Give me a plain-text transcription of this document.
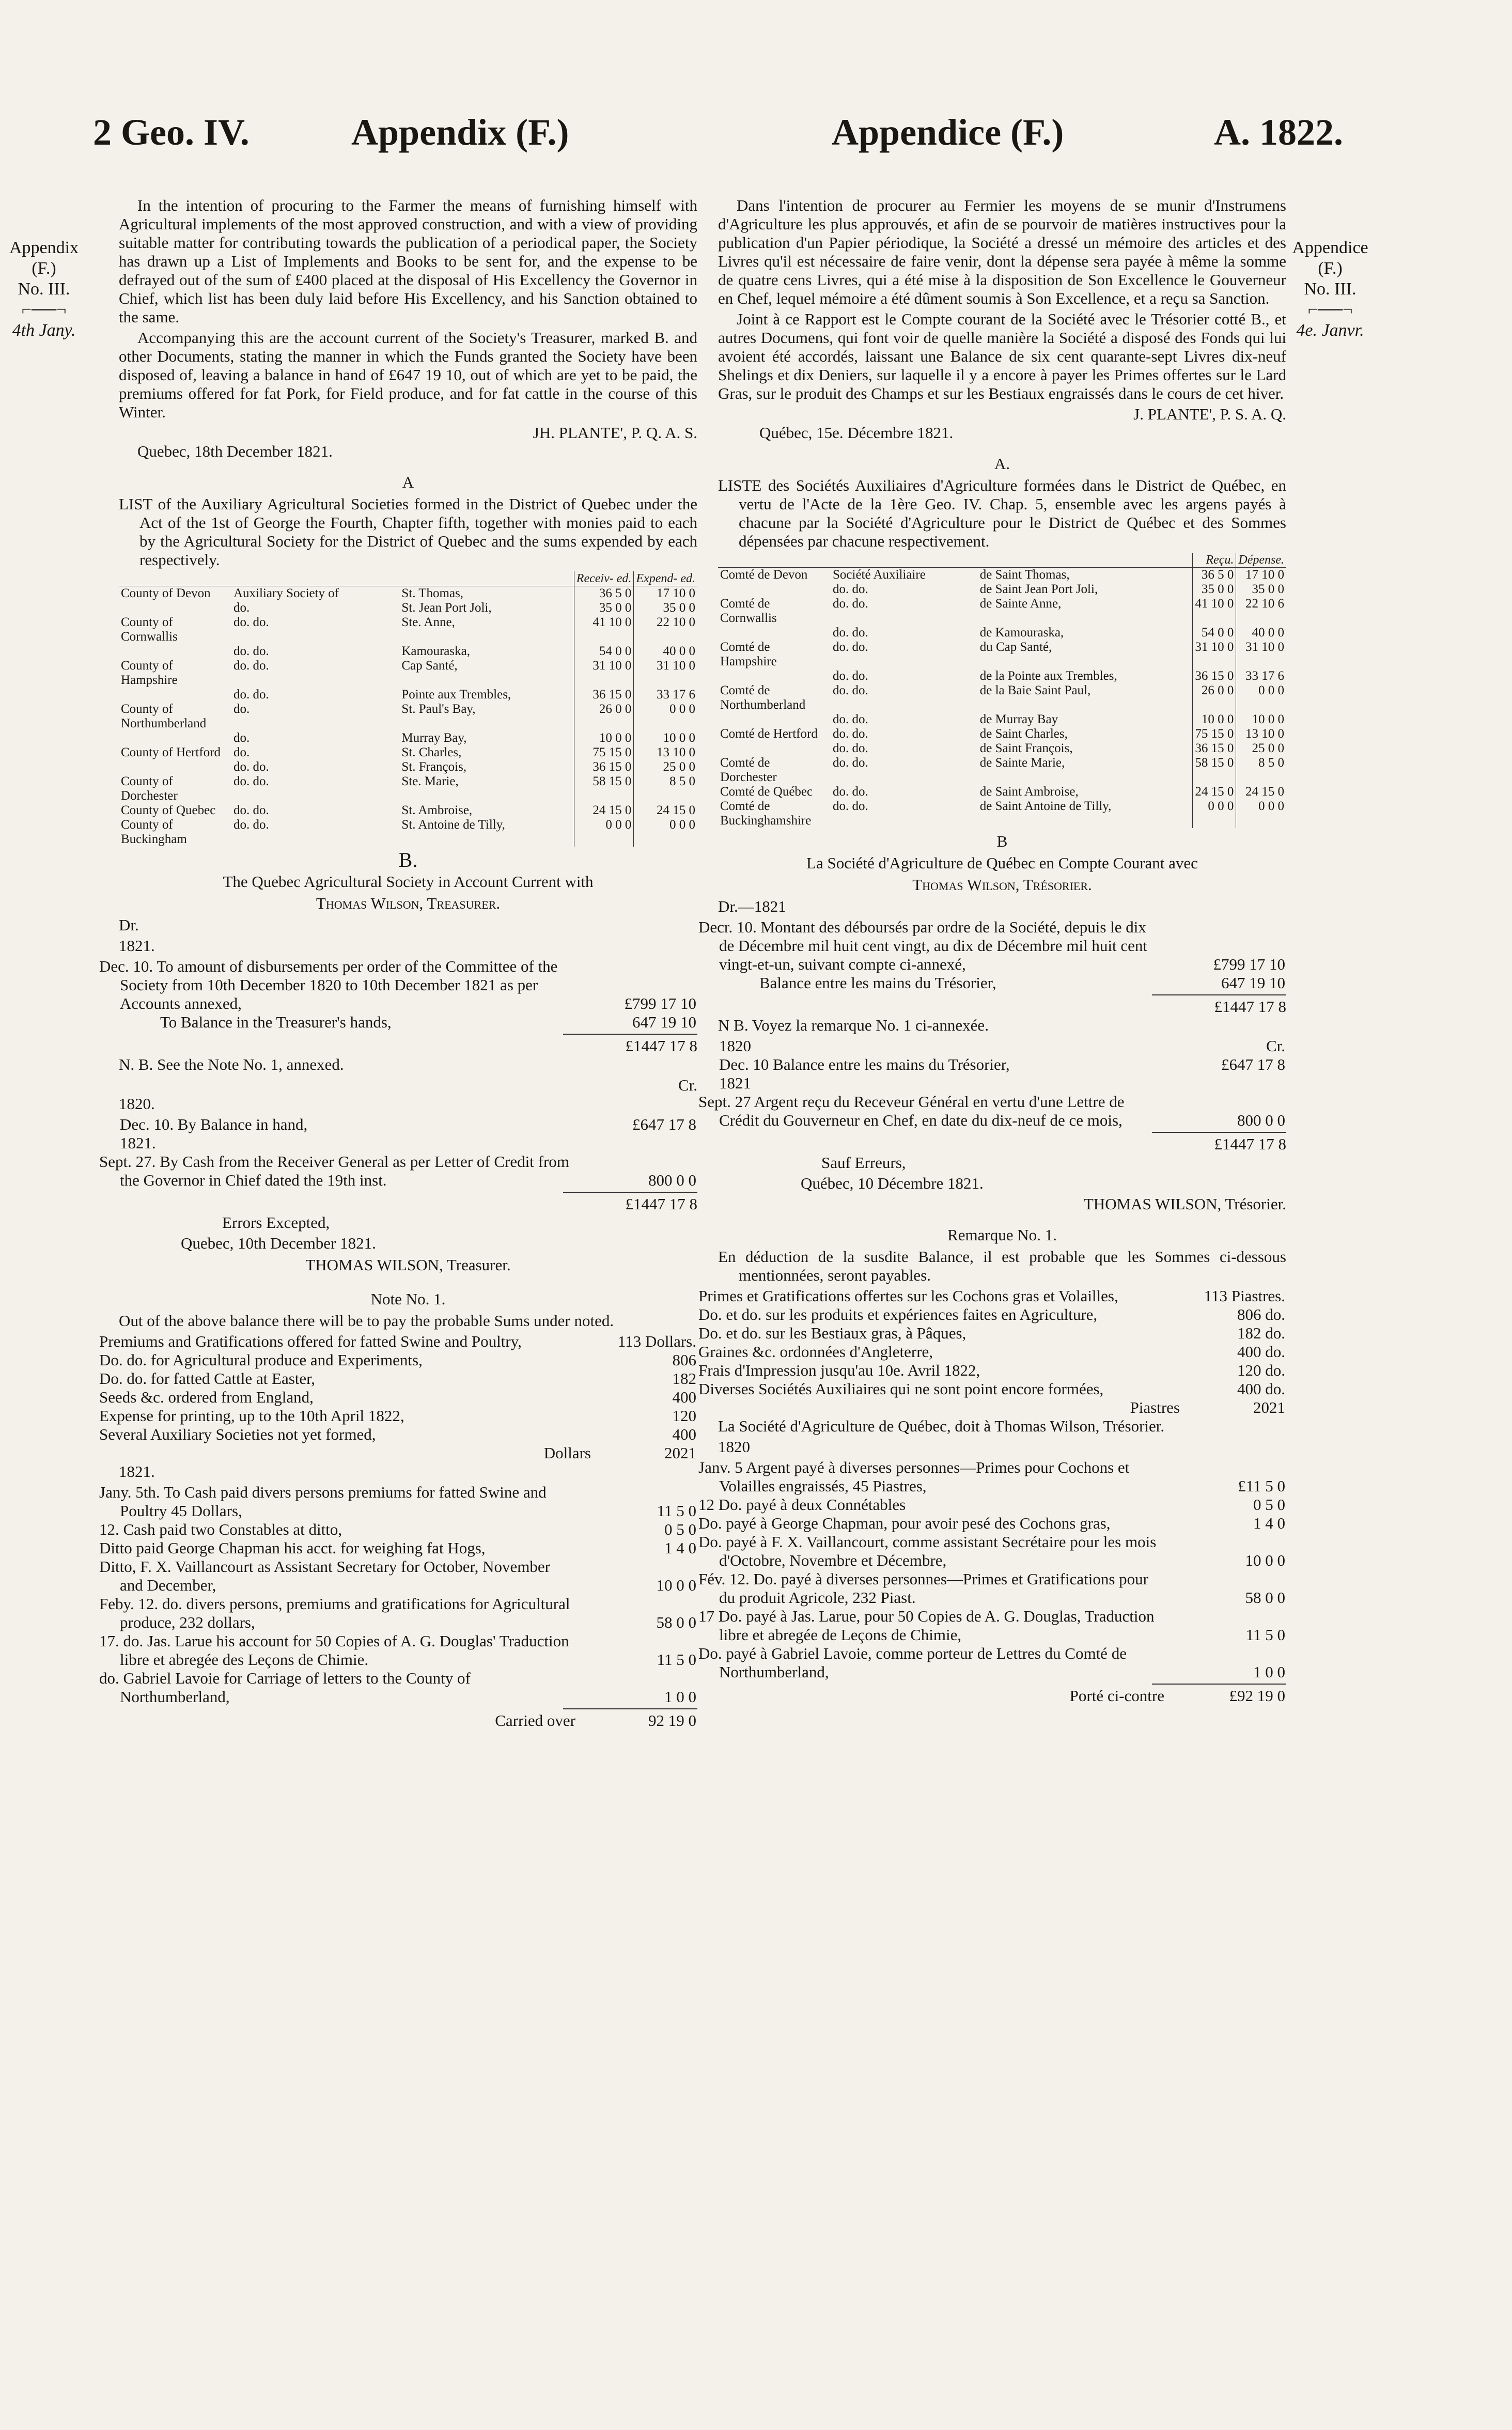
2 Geo. IV.	Appendix (F.)	Appendice (F.)	A. 1822.
Appendix
(F.)
No. III.
⌐──¬
4th Jany.
Appendice
(F.)
No. III.
⌐──¬
4e. Janvr.

In the intention of procuring to the Farmer the means of furnishing himself with Agricultural implements of the most approved construction, and with a view of providing suitable matter for contributing towards the publication of a periodical paper, the Society has drawn up a List of Implements and Books to be sent for, and the expense to be defrayed out of the sum of £400 placed at the disposal of His Excellency the Governor in Chief, which list has been duly laid before His Excellency, and his Sanction obtained to the same.

Accompanying this are the account current of the Society's Treasurer, marked B. and other Documents, stating the manner in which the Funds granted the Society have been disposed of, leaving a balance in hand of £647 19 10, out of which are yet to be paid, the premiums offered for fat Pork, for Field produce, and for fat cattle in the course of this Winter.

JH. PLANTE', P. Q. A. S.

Quebec, 18th December 1821.

A

LIST of the Auxiliary Agricultural Societies formed in the District of Quebec under the Act of the 1st of George the Fourth, Chapter fifth, together with monies paid to each by the Agricultural Society for the District of Quebec and the sums expended by each respectively.

			Receiv- ed.	Expend- ed.
County of Devon	Auxiliary Society of	St. Thomas,	36 5 0	17 10 0
	do.	St. Jean Port Joli,	35 0 0	35 0 0
County of Cornwallis	do. do.	Ste. Anne,	41 10 0	22 10 0
	do. do.	Kamouraska,	54 0 0	40 0 0
County of Hampshire	do. do.	Cap Santé,	31 10 0	31 10 0
	do. do.	Pointe aux Trembles,	36 15 0	33 17 6
County of Northumberland	do.	St. Paul's Bay,	26 0 0	0 0 0
	do.	Murray Bay,	10 0 0	10 0 0
County of Hertford	do.	St. Charles,	75 15 0	13 10 0
	do. do.	St. François,	36 15 0	25 0 0
County of Dorchester	do. do.	Ste. Marie,	58 15 0	8 5 0
County of Quebec	do. do.	St. Ambroise,	24 15 0	24 15 0
County of Buckingham	do. do.	St. Antoine de Tilly,	0 0 0	0 0 0

B.

The Quebec Agricultural Society in Account Current with

Thomas Wilson, Treasurer.

Dr.

1821.

Dec. 10. To amount of disbursements per order of the Committee of the Society from 10th December 1820 to 10th December 1821 as per Accounts annexed,	£799 17 10
To Balance in the Treasurer's hands,	647 19 10

£1447 17 8

N. B. See the Note No. 1, annexed.

Cr.

1820.

Dec. 10. By Balance in hand,	£647 17 8
1821.	
Sept. 27. By Cash from the Receiver General as per Letter of Credit from the Governor in Chief dated the 19th inst.	800 0 0

£1447 17 8

Errors Excepted,

Quebec, 10th December 1821.

THOMAS WILSON, Treasurer.

Note No. 1.

Out of the above balance there will be to pay the probable Sums under noted.

Premiums and Gratifications offered for fatted Swine and Poultry,	113 Dollars.
Do. do. for Agricultural produce and Experiments,	806
Do. do. for fatted Cattle at Easter,	182
Seeds &c. ordered from England,	400
Expense for printing, up to the 10th April 1822,	120
Several Auxiliary Societies not yet formed,	400
Dollars	2021

1821.

Jany. 5th. To Cash paid divers persons premiums for fatted Swine and Poultry 45 Dollars,	11 5 0
12. Cash paid two Constables at ditto,	0 5 0
Ditto paid George Chapman his acct. for weighing fat Hogs,	1 4 0
Ditto, F. X. Vaillancourt as Assistant Secretary for October, November and December,	10 0 0
Feby. 12. do. divers persons, premiums and gratifications for Agricultural produce, 232 dollars,	58 0 0
17. do. Jas. Larue his account for 50 Copies of A. G. Douglas' Traduction libre et abregée des Leçons de Chimie.	11 5 0
do. Gabriel Lavoie for Carriage of letters to the County of Northumberland,	1 0 0
Carried over	92 19 0

Dans l'intention de procurer au Fermier les moyens de se munir d'Instrumens d'Agriculture les plus approuvés, et afin de se pourvoir de matières instructives pour la publication d'un Papier périodique, la Société a dressé un mémoire des articles et des Livres qu'il est nécessaire de faire venir, dont la dépense sera payée à même la somme de quatre cens Livres, qui a été mise à la disposition de Son Excellence le Gouverneur en Chef, lequel mémoire a été dûment soumis à Son Excellence, et a reçu sa Sanction.

Joint à ce Rapport est le Compte courant de la Société avec le Trésorier cotté B., et autres Documens, qui font voir de quelle manière la Société a disposé des Fonds qui lui avoient été accordés, laissant une Balance de six cent quarante-sept Livres dix-neuf Shelings et dix Deniers, sur laquelle il y a encore à payer les Primes offertes sur le Lard Gras, sur le produit des Champs et sur les Bestiaux engraissés dans le cours de cet hiver.

J. PLANTE', P. S. A. Q.

Québec, 15e. Décembre 1821.

A.

LISTE des Sociétés Auxiliaires d'Agriculture formées dans le District de Québec, en vertu de l'Acte de la 1ère Geo. IV. Chap. 5, ensemble avec les argens payés à chacune par la Société d'Agriculture pour le District de Québec et des Sommes dépensées par chacune respectivement.

			Reçu.	Dépense.
Comté de Devon	Société Auxiliaire	de Saint Thomas,	36 5 0	17 10 0
	do. do.	de Saint Jean Port Joli,	35 0 0	35 0 0
Comté de Cornwallis	do. do.	de Sainte Anne,	41 10 0	22 10 6
	do. do.	de Kamouraska,	54 0 0	40 0 0
Comté de Hampshire	do. do.	du Cap Santé,	31 10 0	31 10 0
	do. do.	de la Pointe aux Trembles,	36 15 0	33 17 6
Comté de Northumberland	do. do.	de la Baie Saint Paul,	26 0 0	0 0 0
	do. do.	de Murray Bay	10 0 0	10 0 0
Comté de Hertford	do. do.	de Saint Charles,	75 15 0	13 10 0
	do. do.	de Saint François,	36 15 0	25 0 0
Comté de Dorchester	do. do.	de Sainte Marie,	58 15 0	8 5 0
Comté de Québec	do. do.	de Saint Ambroise,	24 15 0	24 15 0
Comté de Buckinghamshire	do. do.	de Saint Antoine de Tilly,	0 0 0	0 0 0

B

La Société d'Agriculture de Québec en Compte Courant avec

Thomas Wilson, Trésorier.

Dr.—1821

Decr. 10. Montant des déboursés par ordre de la Société, depuis le dix de Décembre mil huit cent vingt, au dix de Décembre mil huit cent vingt-et-un, suivant compte ci-annexé,	£799 17 10
Balance entre les mains du Trésorier,	647 19 10

£1447 17 8

N B. Voyez la remarque No. 1 ci-annexée.

1820	Cr.
Dec. 10 Balance entre les mains du Trésorier,	£647 17 8
1821	
Sept. 27 Argent reçu du Receveur Général en vertu d'une Lettre de Crédit du Gouverneur en Chef, en date du dix-neuf de ce mois,	800 0 0

£1447 17 8

Sauf Erreurs,

Québec, 10 Décembre 1821.

THOMAS WILSON, Trésorier.

Remarque No. 1.

En déduction de la susdite Balance, il est probable que les Sommes ci-dessous mentionnées, seront payables.

Primes et Gratifications offertes sur les Cochons gras et Volailles,	113 Piastres.
Do. et do. sur les produits et expériences faites en Agriculture,	806 do.
Do. et do. sur les Bestiaux gras, à Pâques,	182 do.
Graines &c. ordonnées d'Angleterre,	400 do.
Frais d'Impression jusqu'au 10e. Avril 1822,	120 do.
Diverses Sociétés Auxiliaires qui ne sont point encore formées,	400 do.
Piastres	2021

La Société d'Agriculture de Québec, doit à Thomas Wilson, Trésorier.

1820

Janv. 5 Argent payé à diverses personnes—Primes pour Cochons et Volailles engraissés, 45 Piastres,	£11 5 0
12 Do. payé à deux Connétables	0 5 0
Do. payé à George Chapman, pour avoir pesé des Cochons gras,	1 4 0
Do. payé à F. X. Vaillancourt, comme assistant Secrétaire pour les mois d'Octobre, Novembre et Décembre,	10 0 0
Fév. 12. Do. payé à diverses personnes—Primes et Gratifications pour du produit Agricole, 232 Piast.	58 0 0
17 Do. payé à Jas. Larue, pour 50 Copies de A. G. Douglas, Traduction libre et abregée de Leçons de Chimie,	11 5 0
Do. payé à Gabriel Lavoie, comme porteur de Lettres du Comté de Northumberland,	1 0 0
Porté ci-contre	£92 19 0
